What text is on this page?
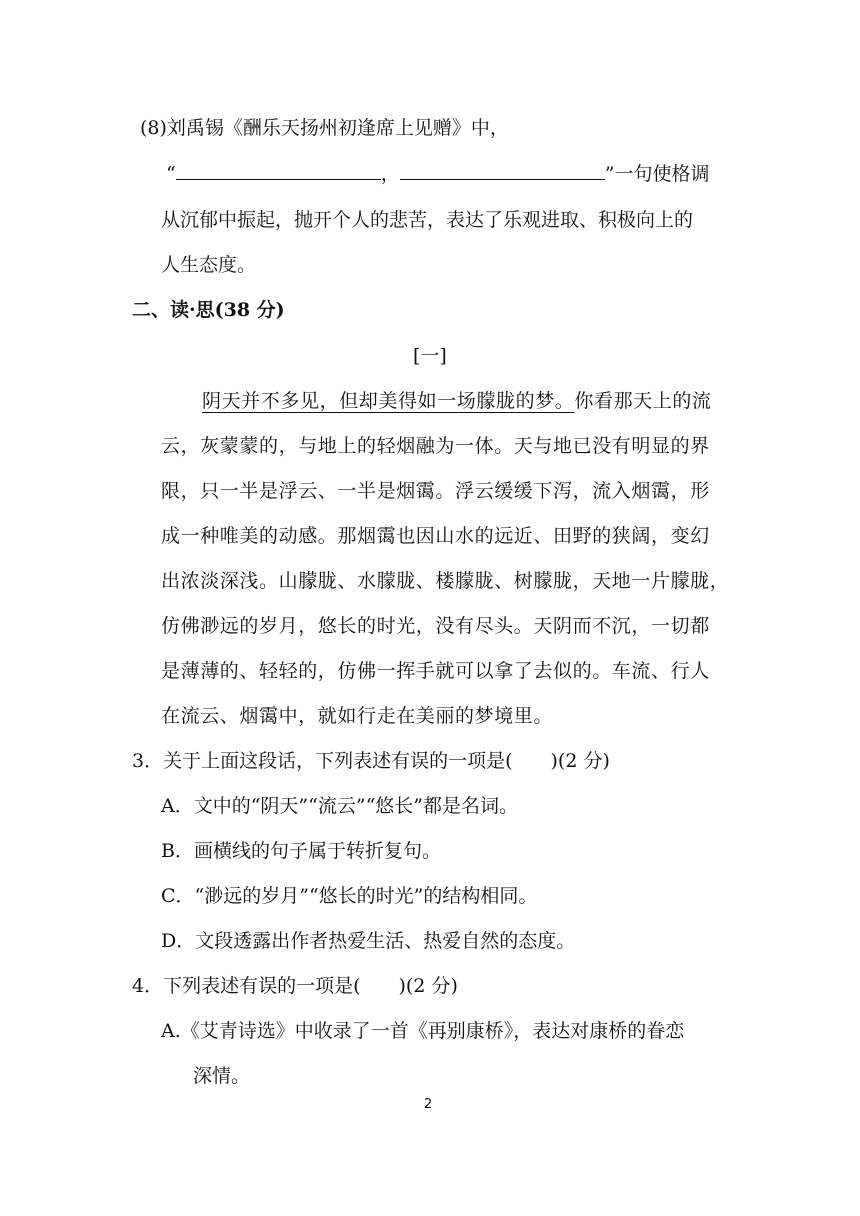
(8)刘禹锡《酬乐天扬州初逢席上见赠》中，
“	，	”一句使格调
从沉郁中振起，抛开个人的悲苦，表达了乐观进取、积极向上的
人生态度。
二、读·思(38 分)
[一]
阴天并不多见，但却美得如一场朦胧的梦。你看那天上的流
云，灰蒙蒙的，与地上的轻烟融为一体。天与地已没有明显的界
限，只一半是浮云、一半是烟霭。浮云缓缓下泻，流入烟霭，形
成一种唯美的动感。那烟霭也因山水的远近、田野的狭阔，变幻
出浓淡深浅。山朦胧、水朦胧、楼朦胧、树朦胧，天地一片朦胧，
仿佛渺远的岁月，悠长的时光，没有尽头。天阴而不沉，一切都
是薄薄的、轻轻的，仿佛一挥手就可以拿了去似的。车流、行人
在流云、烟霭中，就如行走在美丽的梦境里。
3．关于上面这段话，下列表述有误的一项是(　　)(2 分)
A．文中的“阴天”“流云”“悠长”都是名词。
B．画横线的句子属于转折复句。
C．“渺远的岁月”“悠长的时光”的结构相同。
D．文段透露出作者热爱生活、热爱自然的态度。
4．下列表述有误的一项是(　　)(2 分)
A.《艾青诗选》中收录了一首《再别康桥》，表达对康桥的眷恋
深情。
2
